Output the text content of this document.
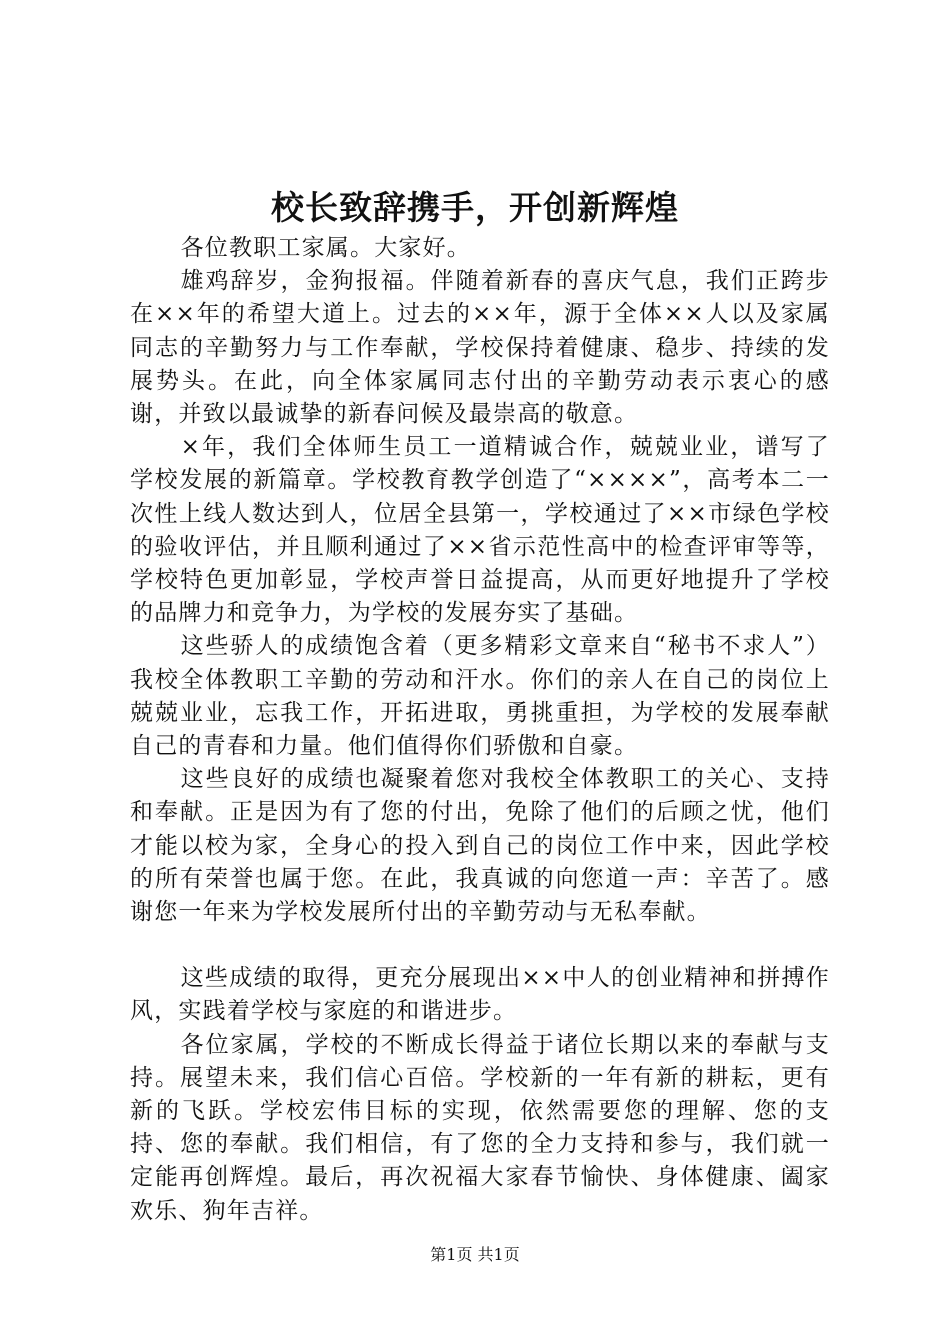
校长致辞携手，开创新辉煌

各位教职工家属。大家好。

雄鸡辞岁，金狗报福。伴随着新春的喜庆气息，我们正跨步在××年的希望大道上。过去的××年，源于全体××人以及家属同志的辛勤努力与工作奉献，学校保持着健康、稳步、持续的发展势头。在此，向全体家属同志付出的辛勤劳动表示衷心的感谢，并致以最诚挚的新春问候及最崇高的敬意。

×年，我们全体师生员工一道精诚合作，兢兢业业，谱写了学校发展的新篇章。学校教育教学创造了“××××”，高考本二一次性上线人数达到人，位居全县第一，学校通过了××市绿色学校的验收评估，并且顺利通过了××省示范性高中的检查评审等等，学校特色更加彰显，学校声誉日益提高，从而更好地提升了学校的品牌力和竞争力，为学校的发展夯实了基础。

这些骄人的成绩饱含着（更多精彩文章来自“秘书不求人”）我校全体教职工辛勤的劳动和汗水。你们的亲人在自己的岗位上兢兢业业，忘我工作，开拓进取，勇挑重担，为学校的发展奉献自己的青春和力量。他们值得你们骄傲和自豪。

这些良好的成绩也凝聚着您对我校全体教职工的关心、支持和奉献。正是因为有了您的付出，免除了他们的后顾之忧，他们才能以校为家，全身心的投入到自己的岗位工作中来，因此学校的所有荣誉也属于您。在此，我真诚的向您道一声：辛苦了。感谢您一年来为学校发展所付出的辛勤劳动与无私奉献。

这些成绩的取得，更充分展现出××中人的创业精神和拼搏作风，实践着学校与家庭的和谐进步。

各位家属，学校的不断成长得益于诸位长期以来的奉献与支持。展望未来，我们信心百倍。学校新的一年有新的耕耘，更有新的飞跃。学校宏伟目标的实现，依然需要您的理解、您的支持、您的奉献。我们相信，有了您的全力支持和参与，我们就一定能再创辉煌。最后，再次祝福大家春节愉快、身体健康、阖家欢乐、狗年吉祥。

第1页 共1页
